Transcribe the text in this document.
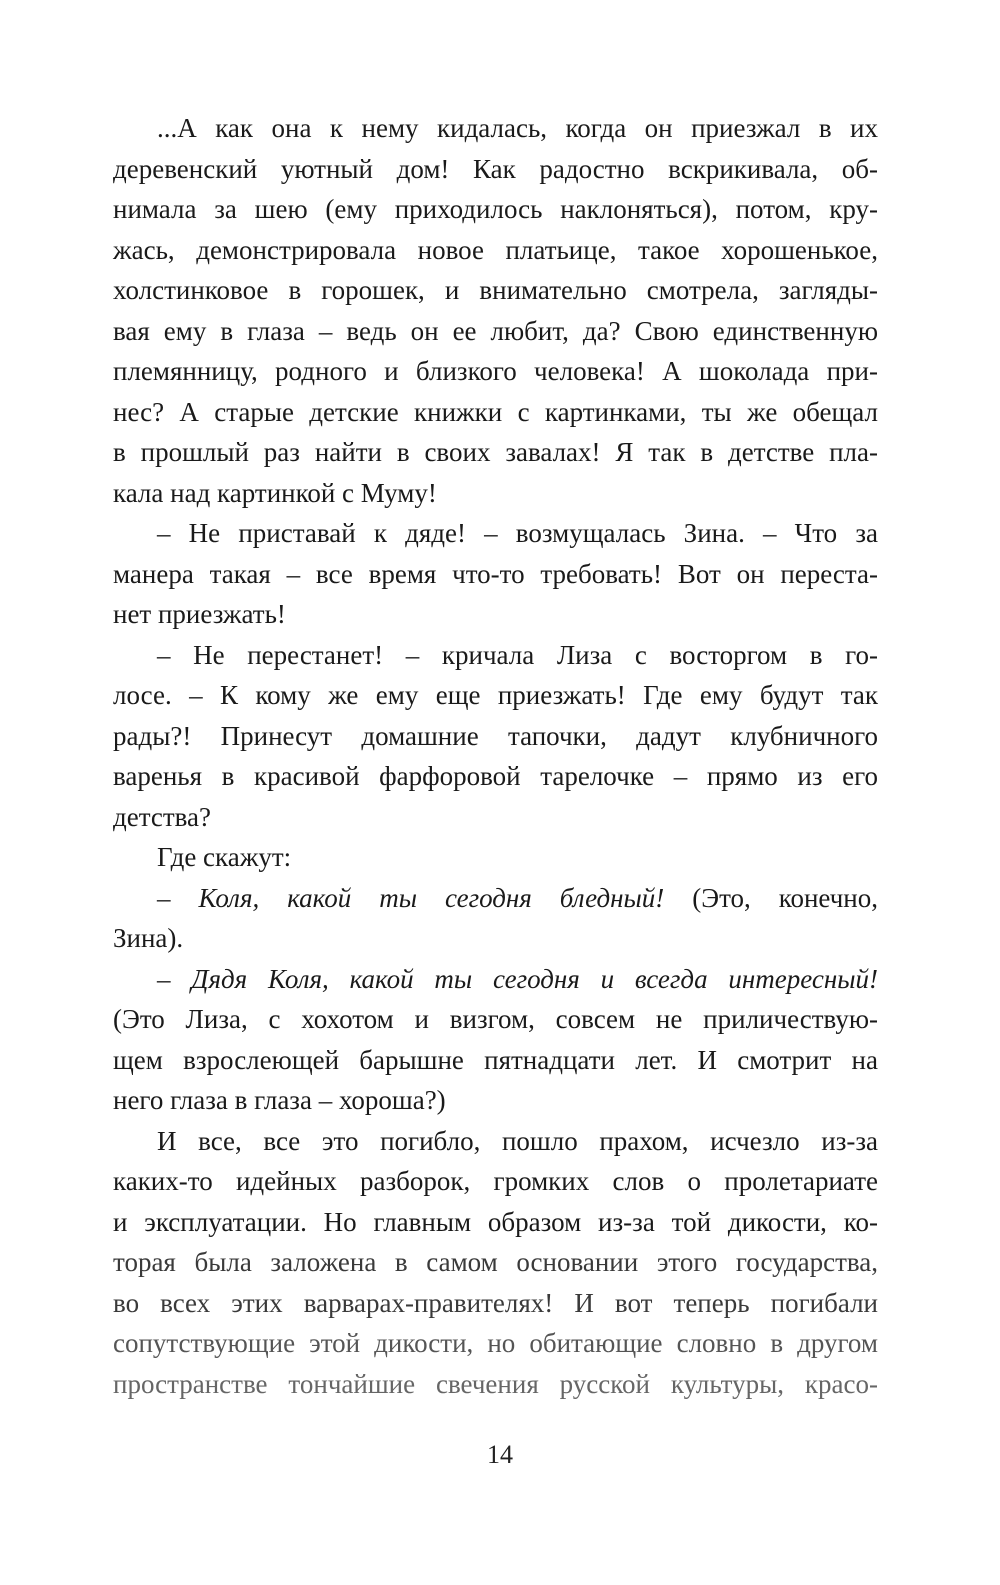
...А как она к нему кидалась, когда он приезжал в их
деревенский уютный дом! Как радостно вскрикивала, об-
нимала за шею (ему приходилось наклоняться), потом, кру-
жась, демонстрировала новое платьице, такое хорошенькое,
холстинковое в горошек, и внимательно смотрела, загляды-
вая ему в глаза – ведь он ее любит, да? Свою единственную
племянницу, родного и близкого человека! А шоколада при-
нес? А старые детские книжки с картинками, ты же обещал
в прошлый раз найти в своих завалах! Я так в детстве пла-
кала над картинкой с Муму!
– Не приставай к дяде! – возмущалась Зина. – Что за
манера такая – все время что-то требовать! Вот он переста-
нет приезжать!
– Не перестанет! – кричала Лиза с восторгом в го-
лосе. – К кому же ему еще приезжать! Где ему будут так
рады?! Принесут домашние тапочки, дадут клубничного
варенья в красивой фарфоровой тарелочке – прямо из его
детства?
Где скажут:
– Коля, какой ты сегодня бледный! (Это, конечно,
Зина).
– Дядя Коля, какой ты сегодня и всегда интересный!
(Это Лиза, с хохотом и визгом, совсем не приличествую-
щем взрослеющей барышне пятнадцати лет. И смотрит на
него глаза в глаза – хороша?)
И все, все это погибло, пошло прахом, исчезло из-за
каких-то идейных разборок, громких слов о пролетариате
и эксплуатации. Но главным образом из-за той дикости, ко-
торая была заложена в самом основании этого государства,
во всех этих варварах-правителях! И вот теперь погибали
сопутствующие этой дикости, но обитающие словно в другом
пространстве тончайшие свечения русской культуры, красо-
14
